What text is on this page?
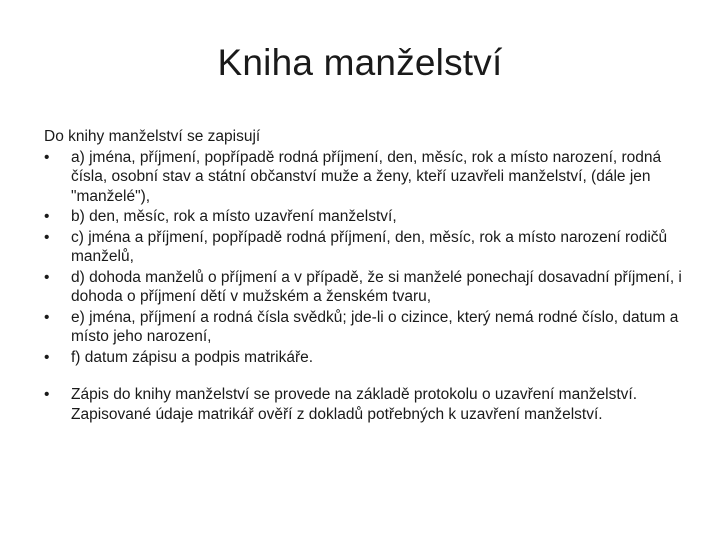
Kniha manželství

Do knihy manželství se zapisují

• a) jména, příjmení, popřípadě rodná příjmení, den, měsíc, rok a místo narození, rodná čísla, osobní stav a státní občanství muže a ženy, kteří uzavřeli manželství, (dále jen "manželé"),
• b) den, měsíc, rok a místo uzavření manželství,
• c) jména a příjmení, popřípadě rodná příjmení, den, měsíc, rok a místo narození rodičů manželů,
• d) dohoda manželů o příjmení a v případě, že si manželé ponechají dosavadní příjmení, i dohoda o příjmení dětí v mužském a ženském tvaru,
• e) jména, příjmení a rodná čísla svědků; jde-li o cizince, který nemá rodné číslo, datum a místo jeho narození,
• f) datum zápisu a podpis matrikáře.
• Zápis do knihy manželství se provede na základě protokolu o uzavření manželství. Zapisované údaje matrikář ověří z dokladů potřebných k uzavření manželství.
